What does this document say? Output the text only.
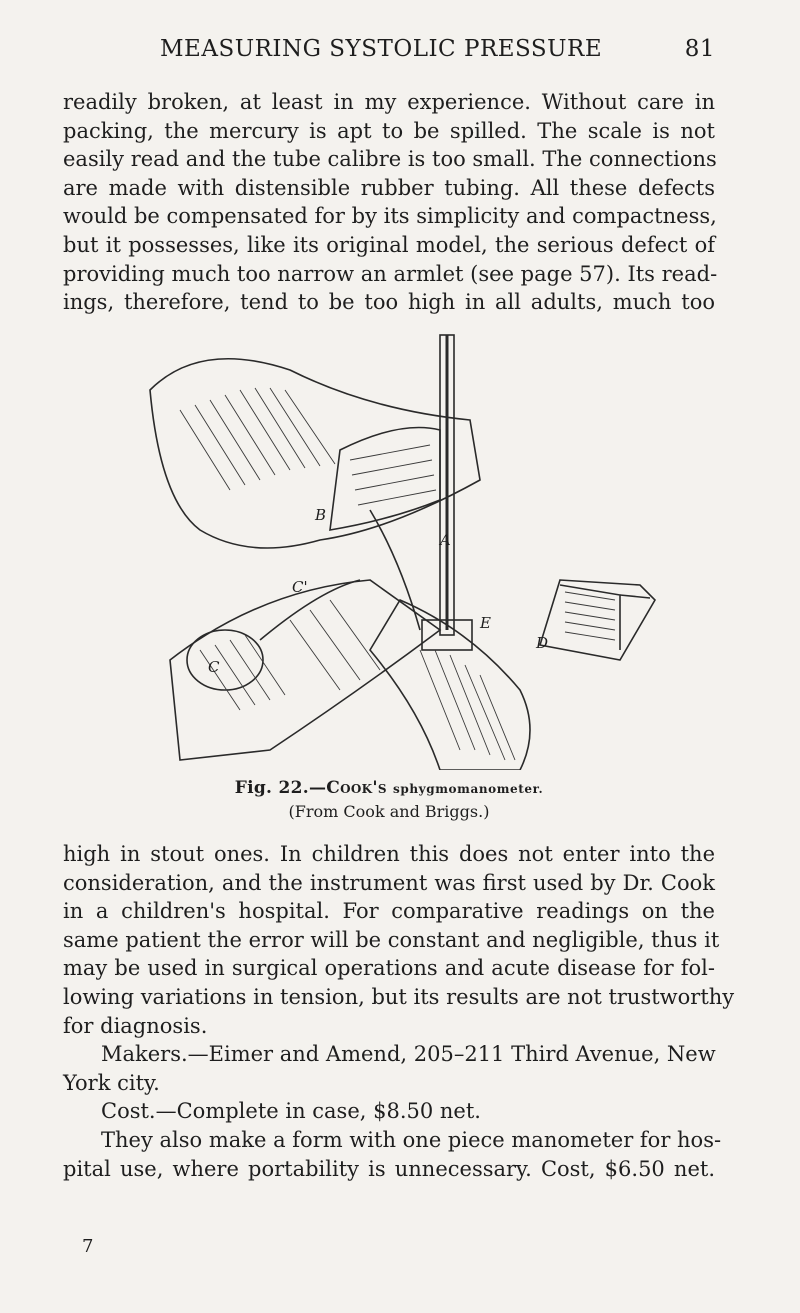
MEASURING SYSTOLIC PRESSURE	81
readily broken, at least in my experience. Without care in
packing, the mercury is apt to be spilled. The scale is not
easily read and the tube calibre is too small. The connections
are made with distensible rubber tubing. All these defects
would be compensated for by its simplicity and compactness,
but it possesses, like its original model, the serious defect of
providing much too narrow an armlet (see page 57). Its read-
ings, therefore, tend to be too high in all adults, much too
A
B
C
C'
D
E
Fig. 22.—Cook's sphygmomanometer.
(From Cook and Briggs.)
high in stout ones. In children this does not enter into the
consideration, and the instrument was first used by Dr. Cook
in a children's hospital. For comparative readings on the
same patient the error will be constant and negligible, thus it
may be used in surgical operations and acute disease for fol-
lowing variations in tension, but its results are not trustworthy
for diagnosis.
Makers.—Eimer and Amend, 205–211 Third Avenue, New
York city.
Cost.—Complete in case, $8.50 net.
They also make a form with one piece manometer for hos-
pital use, where portability is unnecessary. Cost, $6.50 net.
7
